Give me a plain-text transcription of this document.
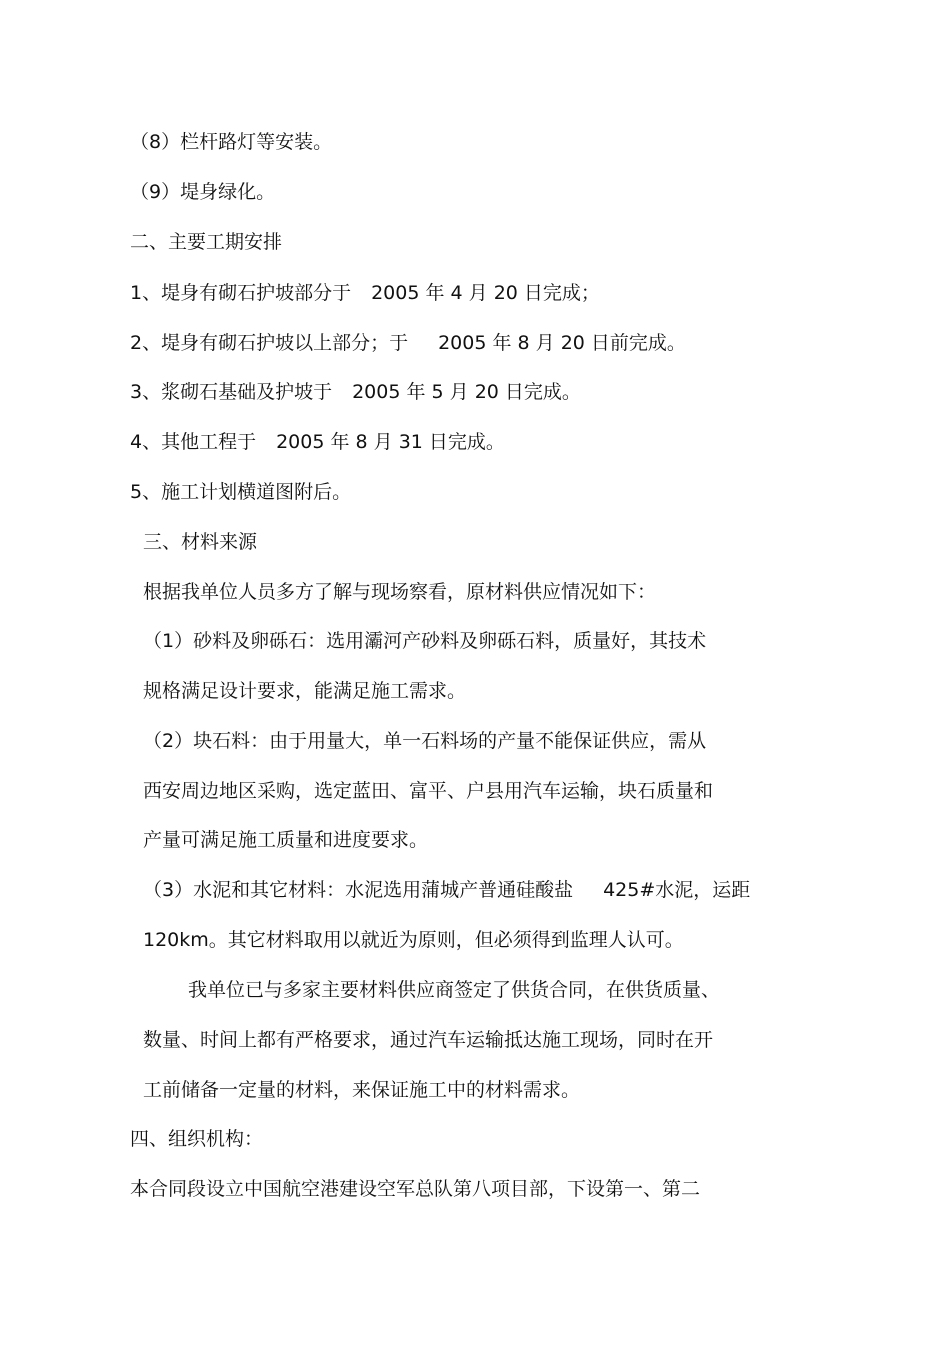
（8）栏杆路灯等安装。
（9）堤身绿化。
二、主要工期安排
1、堤身有砌石护坡部分于 2005 年 4 月 20 日完成；
2、堤身有砌石护坡以上部分；于 2005 年 8 月 20 日前完成。
3、浆砌石基础及护坡于 2005 年 5 月 20 日完成。
4、其他工程于 2005 年 8 月 31 日完成。
5、施工计划横道图附后。
三、材料来源
根据我单位人员多方了解与现场察看，原材料供应情况如下：
（1）砂料及卵砾石：选用灞河产砂料及卵砾石料，质量好，其技术
规格满足设计要求，能满足施工需求。
（2）块石料：由于用量大，单一石料场的产量不能保证供应，需从
西安周边地区采购，选定蓝田、富平、户县用汽车运输，块石质量和
产量可满足施工质量和进度要求。
（3）水泥和其它材料：水泥选用蒲城产普通硅酸盐 425#水泥，运距
120km。其它材料取用以就近为原则，但必须得到监理人认可。
我单位已与多家主要材料供应商签定了供货合同，在供货质量、
数量、时间上都有严格要求，通过汽车运输抵达施工现场，同时在开
工前储备一定量的材料，来保证施工中的材料需求。
四、组织机构：
本合同段设立中国航空港建设空军总队第八项目部，下设第一、第二
